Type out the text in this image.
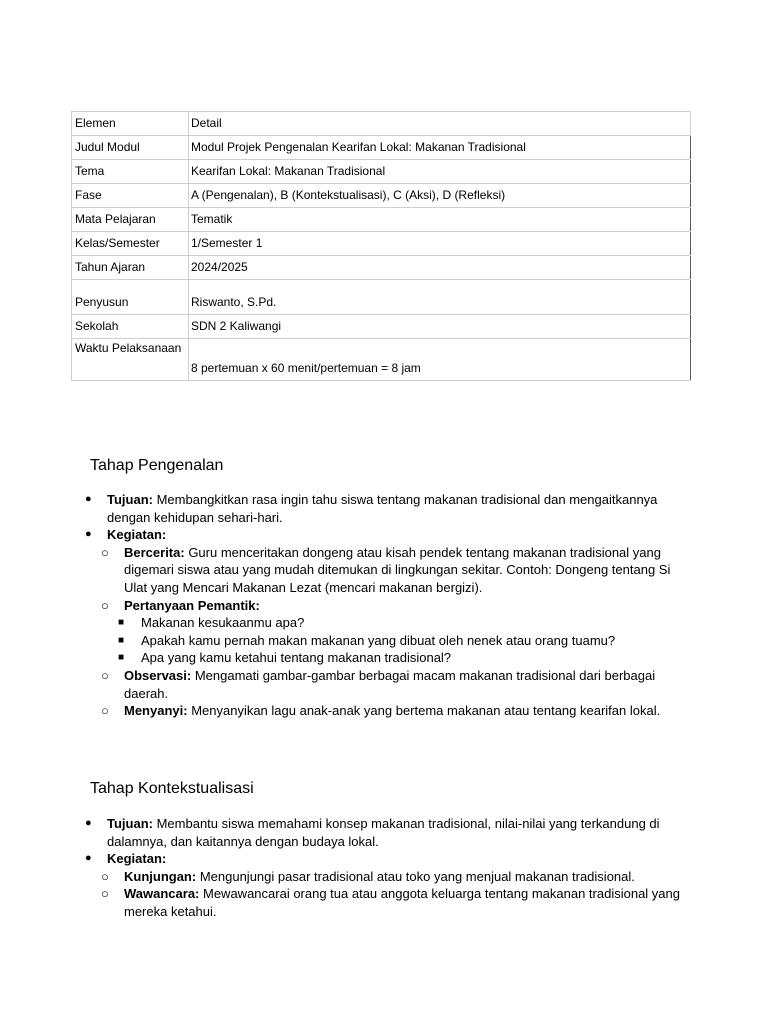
Elemen	Detail
Judul Modul	Modul Projek Pengenalan Kearifan Lokal: Makanan Tradisional
Tema	Kearifan Lokal: Makanan Tradisional
Fase	A (Pengenalan), B (Kontekstualisasi), C (Aksi), D (Refleksi)
Mata Pelajaran	Tematik
Kelas/Semester	1/Semester 1
Tahun Ajaran	2024/2025
Penyusun	Riswanto, S.Pd.
Sekolah	SDN 2 Kaliwangi
Waktu Pelaksanaan	8 pertemuan x 60 menit/pertemuan = 8 jam
Tahap Pengenalan
● Tujuan: Membangkitkan rasa ingin tahu siswa tentang makanan tradisional dan mengaitkannya dengan kehidupan sehari-hari.
● Kegiatan:
○ Bercerita: Guru menceritakan dongeng atau kisah pendek tentang makanan tradisional yang digemari siswa atau yang mudah ditemukan di lingkungan sekitar. Contoh: Dongeng tentang Si Ulat yang Mencari Makanan Lezat (mencari makanan bergizi).
○ Pertanyaan Pemantik:
■ Makanan kesukaanmu apa?
■ Apakah kamu pernah makan makanan yang dibuat oleh nenek atau orang tuamu?
■ Apa yang kamu ketahui tentang makanan tradisional?
○ Observasi: Mengamati gambar-gambar berbagai macam makanan tradisional dari berbagai daerah.
○ Menyanyi: Menyanyikan lagu anak-anak yang bertema makanan atau tentang kearifan lokal.
Tahap Kontekstualisasi
● Tujuan: Membantu siswa memahami konsep makanan tradisional, nilai-nilai yang terkandung di dalamnya, dan kaitannya dengan budaya lokal.
● Kegiatan:
○ Kunjungan: Mengunjungi pasar tradisional atau toko yang menjual makanan tradisional.
○ Wawancara: Mewawancarai orang tua atau anggota keluarga tentang makanan tradisional yang mereka ketahui.
